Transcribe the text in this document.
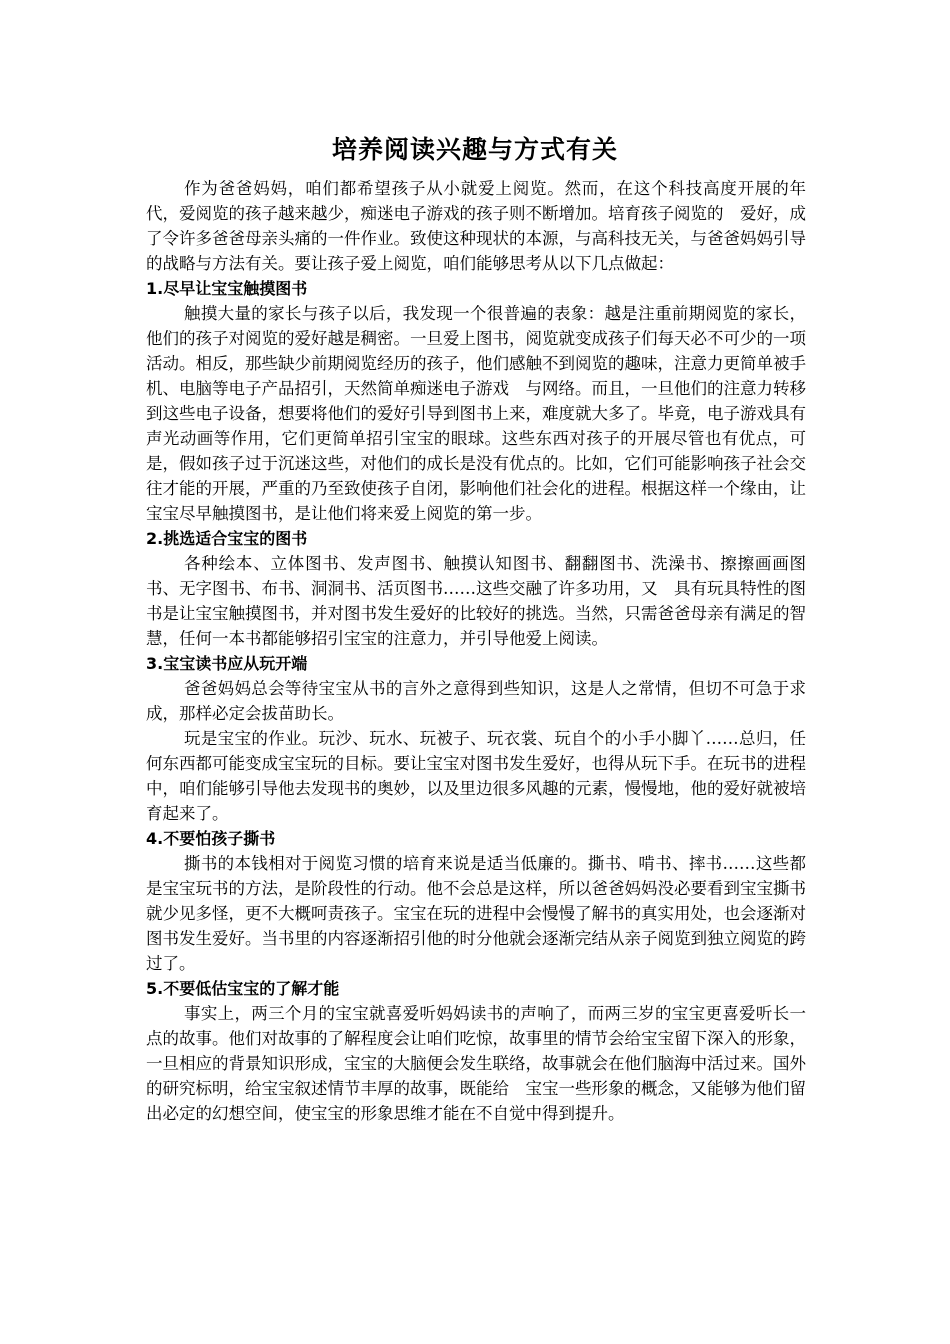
培养阅读兴趣与方式有关

作为爸爸妈妈，咱们都希望孩子从小就爱上阅览。然而，在这个科技高度开展的年代，爱阅览的孩子越来越少，痴迷电子游戏的孩子则不断增加。培育孩子阅览的　爱好，成了令许多爸爸母亲头痛的一件作业。致使这种现状的本源，与高科技无关，与爸爸妈妈引导的战略与方法有关。要让孩子爱上阅览，咱们能够思考从以下几点做起：

1.尽早让宝宝触摸图书

触摸大量的家长与孩子以后，我发现一个很普遍的表象：越是注重前期阅览的家长，他们的孩子对阅览的爱好越是稠密。一旦爱上图书，阅览就变成孩子们每天必不可少的一项活动。相反，那些缺少前期阅览经历的孩子，他们感触不到阅览的趣味，注意力更简单被手机、电脑等电子产品招引，天然简单痴迷电子游戏　与网络。而且，一旦他们的注意力转移到这些电子设备，想要将他们的爱好引导到图书上来，难度就大多了。毕竟，电子游戏具有声光动画等作用，它们更简单招引宝宝的眼球。这些东西对孩子的开展尽管也有优点，可是，假如孩子过于沉迷这些，对他们的成长是没有优点的。比如，它们可能影响孩子社会交往才能的开展，严重的乃至致使孩子自闭，影响他们社会化的进程。根据这样一个缘由，让宝宝尽早触摸图书，是让他们将来爱上阅览的第一步。

2.挑选适合宝宝的图书

各种绘本、立体图书、发声图书、触摸认知图书、翻翻图书、洗澡书、擦擦画画图书、无字图书、布书、洞洞书、活页图书……这些交融了许多功用，又　具有玩具特性的图书是让宝宝触摸图书，并对图书发生爱好的比较好的挑选。当然，只需爸爸母亲有满足的智慧，任何一本书都能够招引宝宝的注意力，并引导他爱上阅读。

3.宝宝读书应从玩开端

爸爸妈妈总会等待宝宝从书的言外之意得到些知识，这是人之常情，但切不可急于求成，那样必定会拔苗助长。

玩是宝宝的作业。玩沙、玩水、玩被子、玩衣裳、玩自个的小手小脚丫……总归，任何东西都可能变成宝宝玩的目标。要让宝宝对图书发生爱好，也得从玩下手。在玩书的进程中，咱们能够引导他去发现书的奥妙，以及里边很多风趣的元素，慢慢地，他的爱好就被培育起来了。

4.不要怕孩子撕书

撕书的本钱相对于阅览习惯的培育来说是适当低廉的。撕书、啃书、摔书……这些都是宝宝玩书的方法，是阶段性的行动。他不会总是这样，所以爸爸妈妈没必要看到宝宝撕书就少见多怪，更不大概呵责孩子。宝宝在玩的进程中会慢慢了解书的真实用处，也会逐渐对图书发生爱好。当书里的内容逐渐招引他的时分他就会逐渐完结从亲子阅览到独立阅览的跨过了。

5.不要低估宝宝的了解才能

事实上，两三个月的宝宝就喜爱听妈妈读书的声响了，而两三岁的宝宝更喜爱听长一点的故事。他们对故事的了解程度会让咱们吃惊，故事里的情节会给宝宝留下深入的形象，一旦相应的背景知识形成，宝宝的大脑便会发生联络，故事就会在他们脑海中活过来。国外的研究标明，给宝宝叙述情节丰厚的故事，既能给　宝宝一些形象的概念，又能够为他们留出必定的幻想空间，使宝宝的形象思维才能在不自觉中得到提升。
